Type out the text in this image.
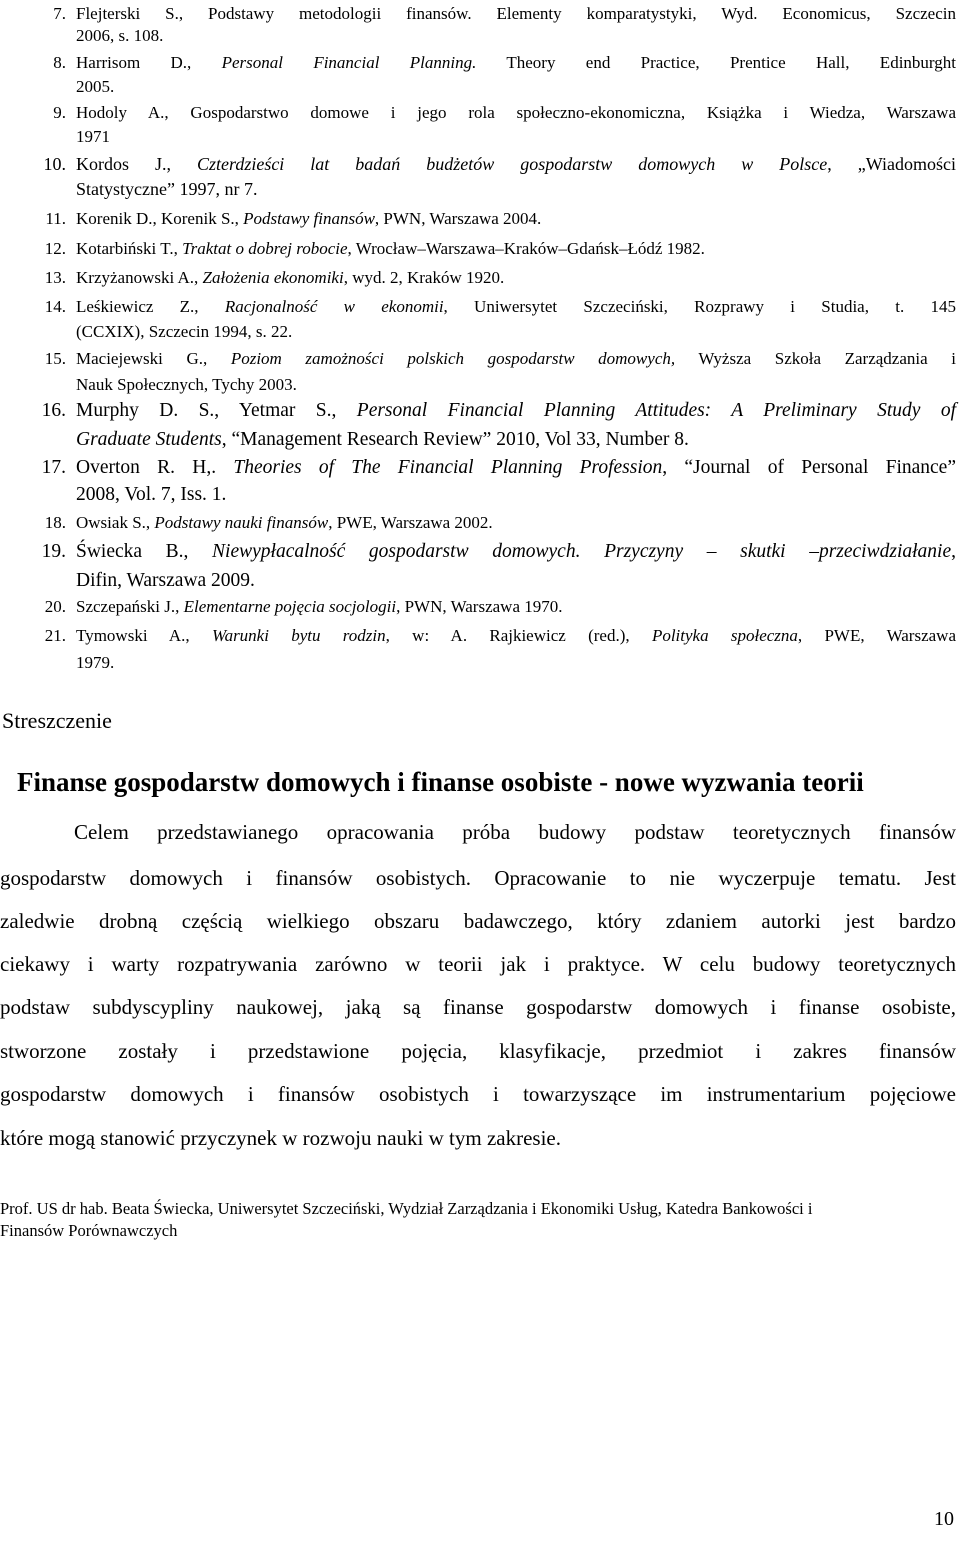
7. Flejterski S., Podstawy metodologii finansów. Elementy komparatystyki, Wyd. Economicus, Szczecin
2006, s. 108.
8. Harrisom D., Personal Financial Planning. Theory end Practice, Prentice Hall, Edinburght
2005.
9. Hodoly A., Gospodarstwo domowe i jego rola społeczno-ekonomiczna, Książka i Wiedza, Warszawa
1971
10. Kordos J., Czterdzieści lat badań budżetów gospodarstw domowych w Polsce, „Wiadomości
Statystyczne” 1997, nr 7.
11. Korenik D., Korenik S., Podstawy finansów, PWN, Warszawa 2004.
12. Kotarbiński T., Traktat o dobrej robocie, Wrocław–Warszawa–Kraków–Gdańsk–Łódź 1982.
13. Krzyżanowski A., Założenia ekonomiki, wyd. 2, Kraków 1920.
14. Leśkiewicz Z., Racjonalność w ekonomii, Uniwersytet Szczeciński, Rozprawy i Studia, t. 145
(CCXIX), Szczecin 1994, s. 22.
15. Maciejewski G., Poziom zamożności polskich gospodarstw domowych, Wyższa Szkoła Zarządzania i
Nauk Społecznych, Tychy 2003.
16. Murphy D. S., Yetmar S., Personal Financial Planning Attitudes: A Preliminary Study of
Graduate Students, “Management Research Review” 2010, Vol 33, Number 8.
17. Overton R. H,. Theories of The Financial Planning Profession, “Journal of Personal Finance”
2008, Vol. 7, Iss. 1.
18. Owsiak S., Podstawy nauki finansów, PWE, Warszawa 2002.
19. Świecka B., Niewypłacalność gospodarstw domowych. Przyczyny – skutki –przeciwdziałanie,
Difin, Warszawa 2009.
20. Szczepański J., Elementarne pojęcia socjologii, PWN, Warszawa 1970.
21. Tymowski A., Warunki bytu rodzin, w: A. Rajkiewicz (red.), Polityka społeczna, PWE, Warszawa
1979.
Streszczenie
Finanse gospodarstw domowych i finanse osobiste - nowe wyzwania teorii
Celem przedstawianego opracowania próba budowy podstaw teoretycznych finansów
gospodarstw domowych i finansów osobistych. Opracowanie to nie wyczerpuje tematu. Jest
zaledwie drobną częścią wielkiego obszaru badawczego, który zdaniem autorki jest bardzo
ciekawy i warty rozpatrywania zarówno w teorii jak i praktyce. W celu budowy teoretycznych
podstaw subdyscypliny naukowej, jaką są finanse gospodarstw domowych i finanse osobiste,
stworzone zostały i przedstawione pojęcia, klasyfikacje, przedmiot i zakres finansów
gospodarstw domowych i finansów osobistych i towarzyszące im instrumentarium pojęciowe
które mogą stanowić przyczynek w rozwoju nauki w tym zakresie.
Prof. US dr hab. Beata Świecka, Uniwersytet Szczeciński, Wydział Zarządzania i Ekonomiki Usług, Katedra Bankowości i
Finansów Porównawczych
10
